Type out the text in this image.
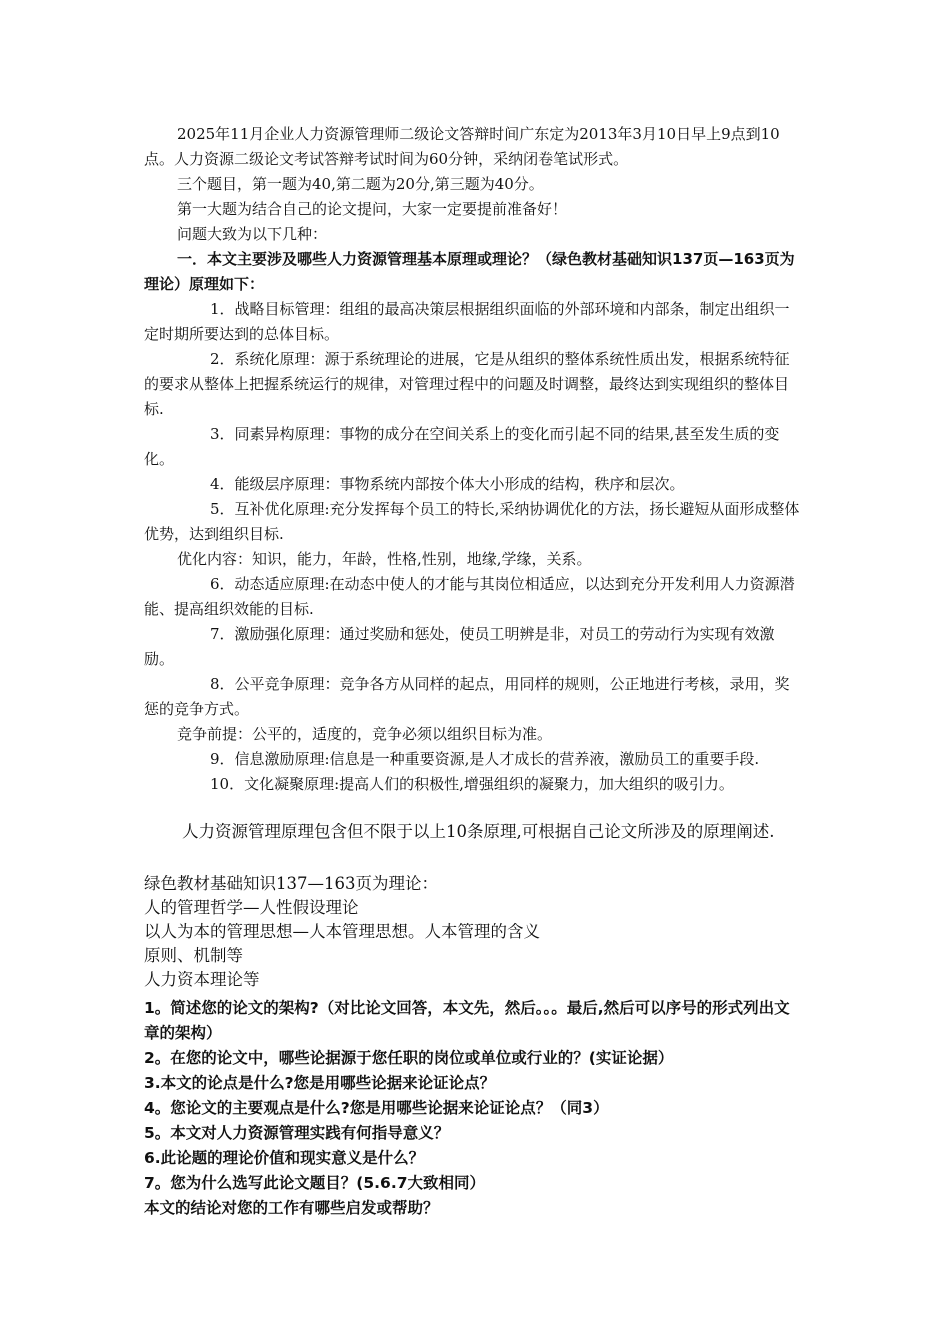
2025年11月企业人力资源管理师二级论文答辩时间广东定为2013年3月10日早上9点到10点。人力资源二级论文考试答辩考试时间为60分钟，采纳闭卷笔试形式。

三个题目，第一题为40,第二题为20分,第三题为40分。

第一大题为结合自己的论文提问，大家一定要提前准备好！

问题大致为以下几种：

一．本文主要涉及哪些人力资源管理基本原理或理论？（绿色教材基础知识137页—163页为理论）原理如下：

1．战略目标管理：组组的最高决策层根据组织面临的外部环境和内部条，制定出组织一定时期所要达到的总体目标。

2．系统化原理：源于系统理论的进展，它是从组织的整体系统性质出发，根据系统特征的要求从整体上把握系统运行的规律，对管理过程中的问题及时调整，最终达到实现组织的整体目标.

3．同素异构原理：事物的成分在空间关系上的变化而引起不同的结果,甚至发生质的变化。

4．能级层序原理：事物系统内部按个体大小形成的结构，秩序和层次。

5．互补优化原理:充分发挥每个员工的特长,采纳协调优化的方法，扬长避短从面形成整体优势，达到组织目标.

优化内容：知识，能力，年龄，性格,性别，地缘,学缘，关系。

6．动态适应原理:在动态中使人的才能与其岗位相适应，以达到充分开发利用人力资源潜能、提高组织效能的目标.

7．激励强化原理：通过奖励和惩处，使员工明辨是非，对员工的劳动行为实现有效激励。

8．公平竞争原理：竞争各方从同样的起点，用同样的规则，公正地进行考核，录用，奖惩的竞争方式。

竞争前提：公平的，适度的，竞争必须以组织目标为准。

9．信息激励原理:信息是一种重要资源,是人才成长的营养液，激励员工的重要手段.

10．文化凝聚原理:提高人们的积极性,增强组织的凝聚力，加大组织的吸引力。

人力资源管理原理包含但不限于以上10条原理,可根据自己论文所涉及的原理阐述.

绿色教材基础知识137—163页为理论：

人的管理哲学—人性假设理论

以人为本的管理思想—人本管理思想。人本管理的含义

原则、机制等

人力资本理论等

1。简述您的论文的架构?（对比论文回答，本文先，然后。。。最后,然后可以序号的形式列出文章的架构）

2。在您的论文中，哪些论据源于您任职的岗位或单位或行业的？(实证论据）

3.本文的论点是什么?您是用哪些论据来论证论点？

4。您论文的主要观点是什么?您是用哪些论据来论证论点？（同3）

5。本文对人力资源管理实践有何指导意义？

6.此论题的理论价值和现实意义是什么？

7。您为什么选写此论文题目？(5.6.7大致相同）

本文的结论对您的工作有哪些启发或帮助？
